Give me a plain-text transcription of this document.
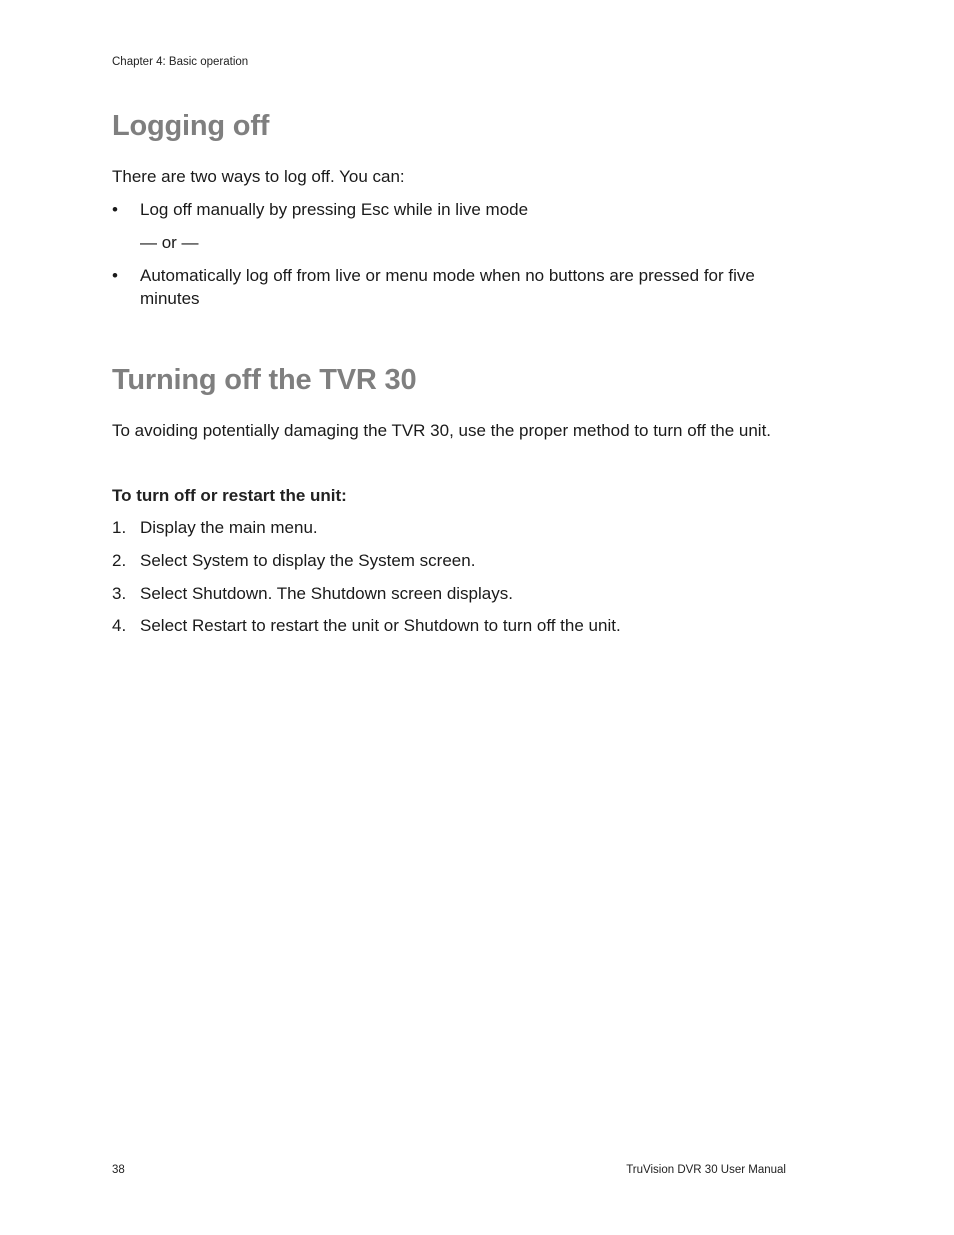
Chapter 4: Basic operation
Logging off

There are two ways to log off. You can:

•	Log off manually by pressing Esc while in live mode
— or —
•	Automatically log off from live or menu mode when no buttons are pressed for five minutes
Turning off the TVR 30

To avoiding potentially damaging the TVR 30, use the proper method to turn off the unit.

To turn off or restart the unit:

1. Display the main menu.
2. Select System to display the System screen.
3. Select Shutdown. The Shutdown screen displays.
4. Select Restart to restart the unit or Shutdown to turn off the unit.
38	TruVision DVR 30 User Manual
